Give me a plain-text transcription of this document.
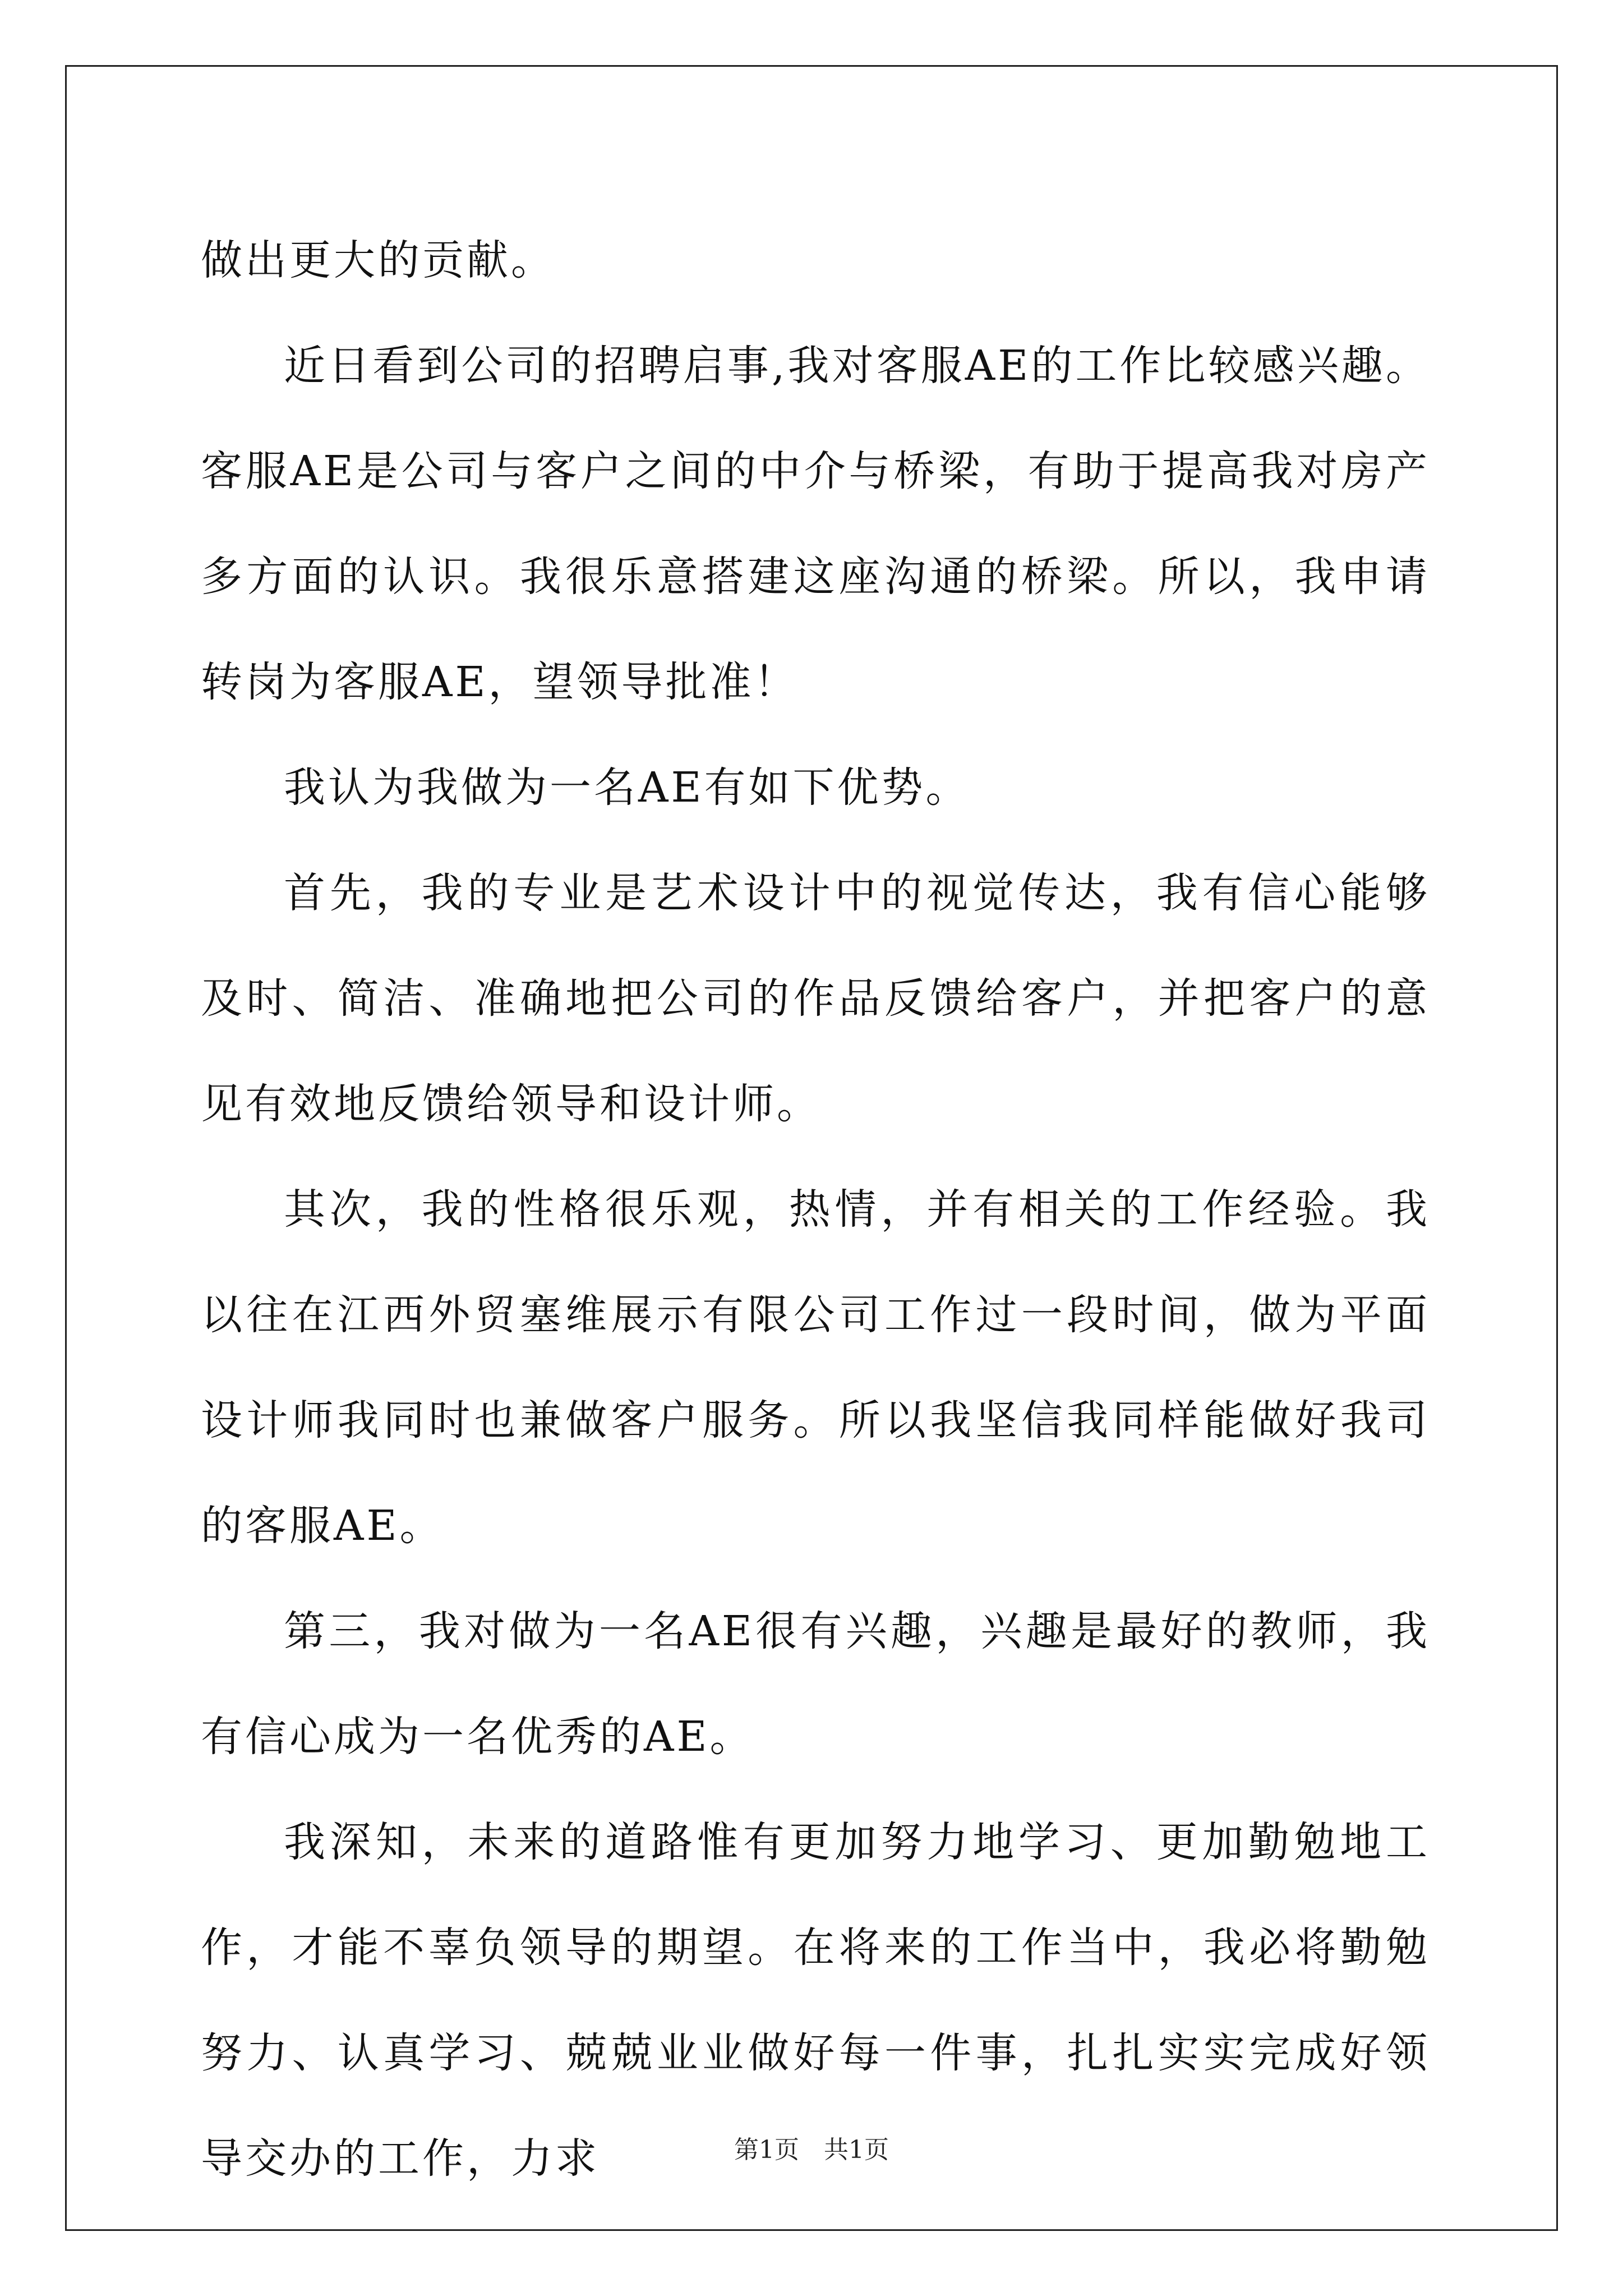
做出更大的贡献。

近日看到公司的招聘启事,我对客服AE的工作比较感兴趣。客服AE是公司与客户之间的中介与桥梁，有助于提高我对房产多方面的认识。我很乐意搭建这座沟通的桥梁。所以，我申请转岗为客服AE，望领导批准！

我认为我做为一名AE有如下优势。

首先，我的专业是艺术设计中的视觉传达，我有信心能够及时、简洁、准确地把公司的作品反馈给客户，并把客户的意见有效地反馈给领导和设计师。

其次，我的性格很乐观，热情，并有相关的工作经验。我以往在江西外贸塞维展示有限公司工作过一段时间，做为平面设计师我同时也兼做客户服务。所以我坚信我同样能做好我司的客服AE。

第三，我对做为一名AE很有兴趣，兴趣是最好的教师，我有信心成为一名优秀的AE。

我深知，未来的道路惟有更加努力地学习、更加勤勉地工作，才能不辜负领导的期望。在将来的工作当中，我必将勤勉努力、认真学习、兢兢业业做好每一件事，扎扎实实完成好领导交办的工作，力求	第1页 共1页
